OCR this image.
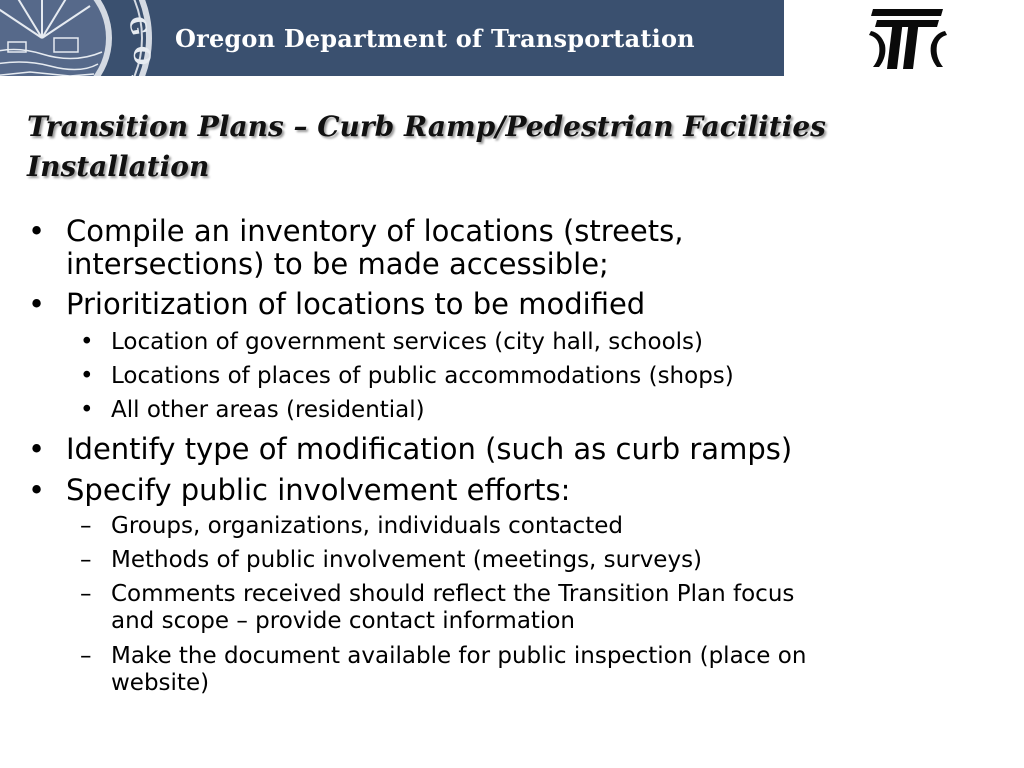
G
O
N
Oregon Department of Transportation
Transition Plans – Curb Ramp/Pedestrian Facilities
Installation
• Compile an inventory of locations (streets,
intersections) to be made accessible;
• Prioritization of locations to be modified
• Location of government services (city hall, schools)
• Locations of places of public accommodations (shops)
• All other areas (residential)
• Identify type of modification (such as curb ramps)
• Specify public involvement efforts:
– Groups, organizations, individuals contacted
– Methods of public involvement (meetings, surveys)
– Comments received should reflect the Transition Plan focus
and scope – provide contact information
– Make the document available for public inspection (place on
website)
